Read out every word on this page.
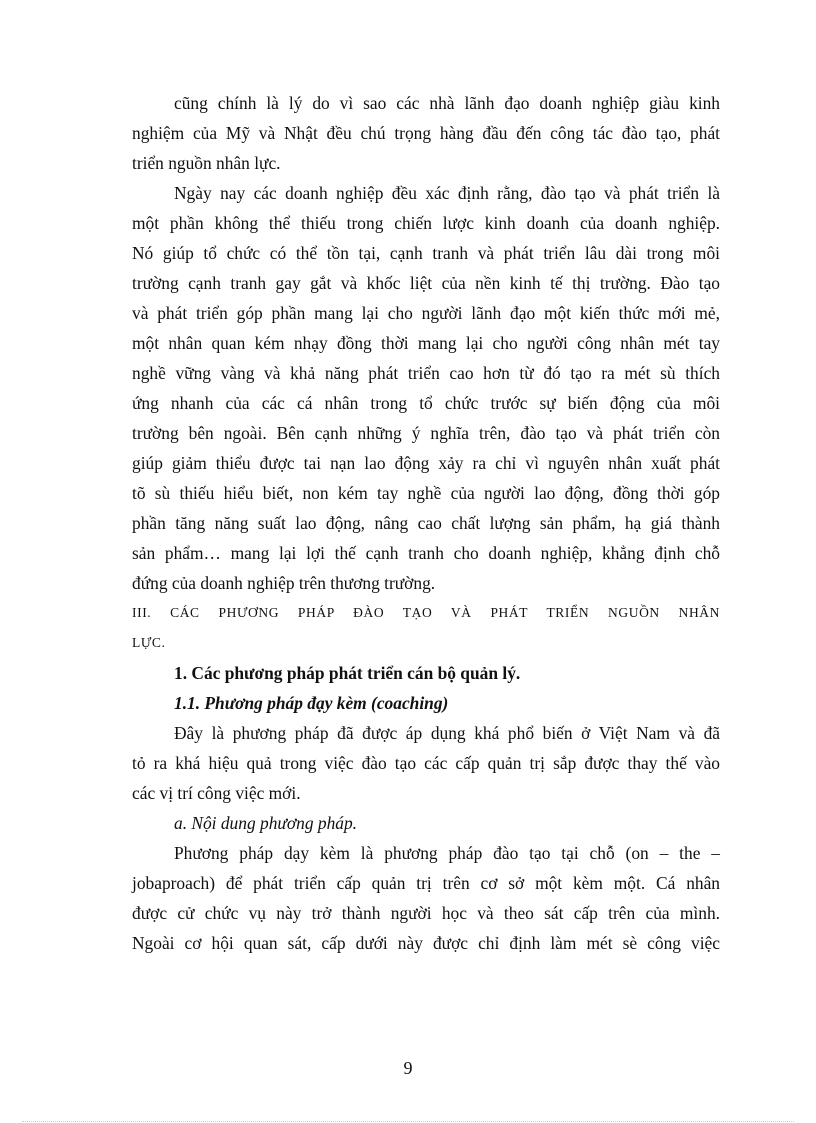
cũng chính là lý do vì sao các nhà lãnh đạo doanh nghiệp giàu kinh
nghiệm của Mỹ và Nhật đều chú trọng hàng đầu đến công tác đào tạo, phát
triển nguồn nhân lực.
Ngày nay các doanh nghiệp đều xác định rằng, đào tạo và phát triển là
một phần không thể thiếu trong chiến lược kinh doanh của doanh nghiệp.
Nó giúp tổ chức có thể tồn tại, cạnh tranh và phát triển lâu dài trong môi
trường cạnh tranh gay gắt và khốc liệt của nền kinh tế thị trường. Đào tạo
và phát triển góp phần mang lại cho người lãnh đạo một kiến thức mới mẻ,
một nhân quan kém nhạy đồng thời mang lại cho người công nhân mét tay
nghề vững vàng và khả năng phát triển cao hơn từ đó tạo ra mét sù thích
ứng nhanh của các cá nhân trong tổ chức trước sự biến động của môi
trường bên ngoài. Bên cạnh những ý nghĩa trên, đào tạo và phát triển còn
giúp giảm thiểu được tai nạn lao động xảy ra chỉ vì nguyên nhân xuất phát
tõ sù thiếu hiểu biết, non kém tay nghề của người lao động, đồng thời góp
phần tăng năng suất lao động, nâng cao chất lượng sản phẩm, hạ giá thành
sản phẩm… mang lại lợi thế cạnh tranh cho doanh nghiệp, khẳng định chỗ
đứng của doanh nghiệp trên thương trường.
III. CÁC PHƯƠNG PHÁP ĐÀO TẠO VÀ PHÁT TRIỂN NGUỒN NHÂN
LỰC.
1. Các phương pháp phát triển cán bộ quản lý.
1.1. Phương pháp đạy kèm (coaching)
Đây là phương pháp đã được áp dụng khá phổ biến ở Việt Nam và đã
tỏ ra khá hiệu quả trong việc đào tạo các cấp quản trị sắp được thay thế vào
các vị trí công việc mới.
a. Nội dung phương pháp.
Phương pháp dạy kèm là phương pháp đào tạo tại chỗ (on – the –
jobaproach) để phát triển cấp quản trị trên cơ sở một kèm một. Cá nhân
được cử chức vụ này trở thành người học và theo sát cấp trên của mình.
Ngoài cơ hội quan sát, cấp dưới này được chỉ định làm mét sè công việc
9
